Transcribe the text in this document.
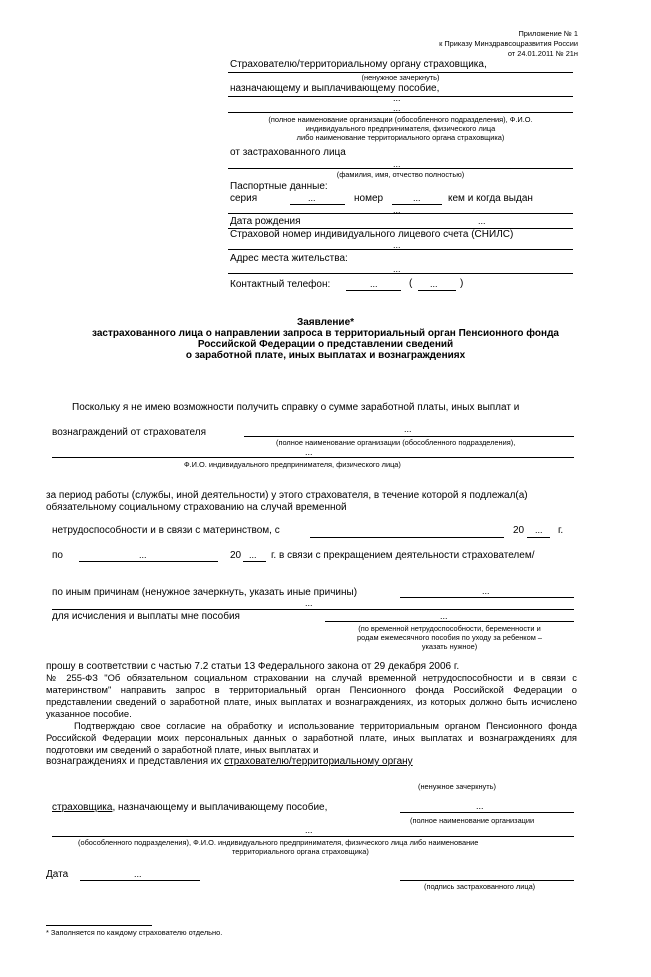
Приложение № 1
к Приказу Минздравсоцразвития России
от 24.01.2011 № 21н
Страхователю/территориальному органу страховщика,
(ненужное зачеркнуть)
назначающему и выплачивающему пособие,
...
...
(полное наименование организации (обособленного подразделения), Ф.И.О.
индивидуального предпринимателя, физического лица
либо наименование территориального органа страховщика)
от застрахованного лица
...
(фамилия, имя, отчество полностью)
Паспортные данные:
серия	...	номер	...	кем и когда выдан
...
Дата рождения	...
Страховой номер индивидуального лицевого счета (СНИЛС)
...
Адрес места жительства:
...
Контактный телефон:	...	( ... )
Заявление*
застрахованного лица о направлении запроса в территориальный орган Пенсионного фонда
Российской Федерации о представлении сведений
о заработной плате, иных выплатах и вознаграждениях
Поскольку я не имею возможности получить справку о сумме заработной платы, иных выплат и
вознаграждений от страхователя	...
(полное наименование организации (обособленного подразделения),
...
Ф.И.О. индивидуального предпринимателя, физического лица)
за период работы (службы, иной деятельности) у этого страхователя, в течение которой я подлежал(а)
обязательному социальному страхованию на случай временной
нетрудоспособности и в связи с материнством, с	20 ... г.
по	...	20 ... г. в связи с прекращением деятельности страхователем/
по иным причинам (ненужное зачеркнуть, указать иные причины)	...
...
для исчисления и выплаты мне пособия	...
(по временной нетрудоспособности, беременности и
родам ежемесячного пособия по уходу за ребенком –
указать нужное)
прошу в соответствии с частью 7.2 статьи 13 Федерального закона от 29 декабря 2006 г.
№ 255-ФЗ "Об обязательном социальном страховании на случай временной нетрудоспособности и в связи с материнством" направить запрос в территориальный орган Пенсионного фонда Российской Федерации о представлении сведений о заработной плате, иных выплатах и вознаграждениях, из которых должно быть исчислено указанное пособие.
Подтверждаю свое согласие на обработку и использование территориальным органом Пенсионного фонда Российской Федерации моих персональных данных о заработной плате, иных выплатах и вознаграждениях для подготовки им сведений о заработной плате, иных выплатах и
вознаграждениях и представления их страхователю/территориальному органу
(ненужное зачеркнуть)
страховщика, назначающему и выплачивающему пособие,	...
(полное наименование организации
...
(обособленного подразделения), Ф.И.О. индивидуального предпринимателя, физического лица либо наименование
территориального органа страховщика)
Дата	...
(подпись застрахованного лица)
* Заполняется по каждому страхователю отдельно.
